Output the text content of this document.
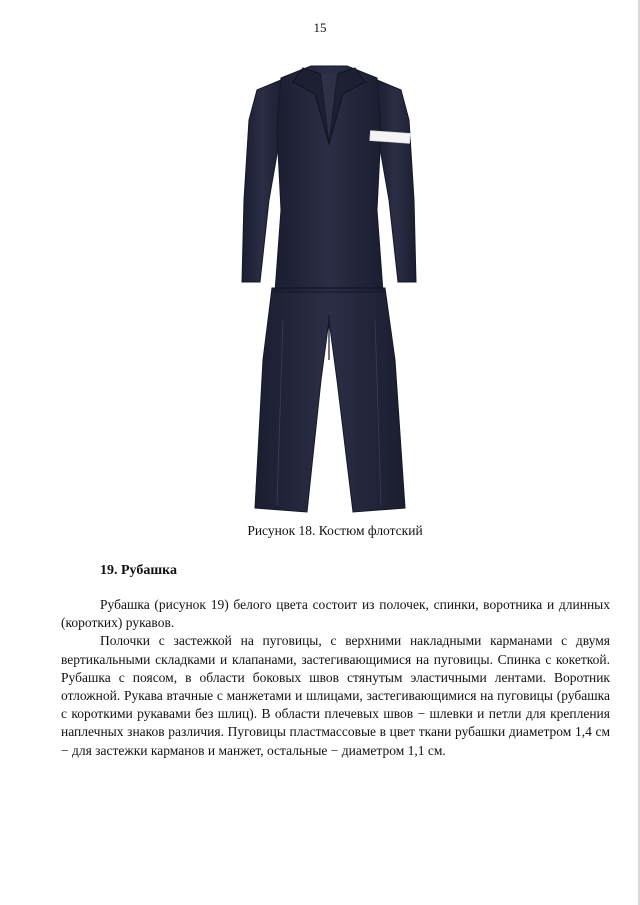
15
Рисунок 18. Костюм флотский
19. Рубашка

Рубашка (рисунок 19) белого цвета состоит из полочек, спинки, воротника и длинных (коротких) рукавов.

Полочки с застежкой на пуговицы, с верхними накладными карманами с двумя вертикальными складками и клапанами, застегивающимися на пуговицы. Спинка с кокеткой. Рубашка с поясом, в области боковых швов стянутым эластичными лентами. Воротник отложной. Рукава втачные с манжетами и шлицами, застегивающимися на пуговицы (рубашка с короткими рукавами без шлиц). В области плечевых швов − шлевки и петли для крепления наплечных знаков различия. Пуговицы пластмассовые в цвет ткани рубашки диаметром 1,4 см − для застежки карманов и манжет, остальные − диаметром 1,1 см.
